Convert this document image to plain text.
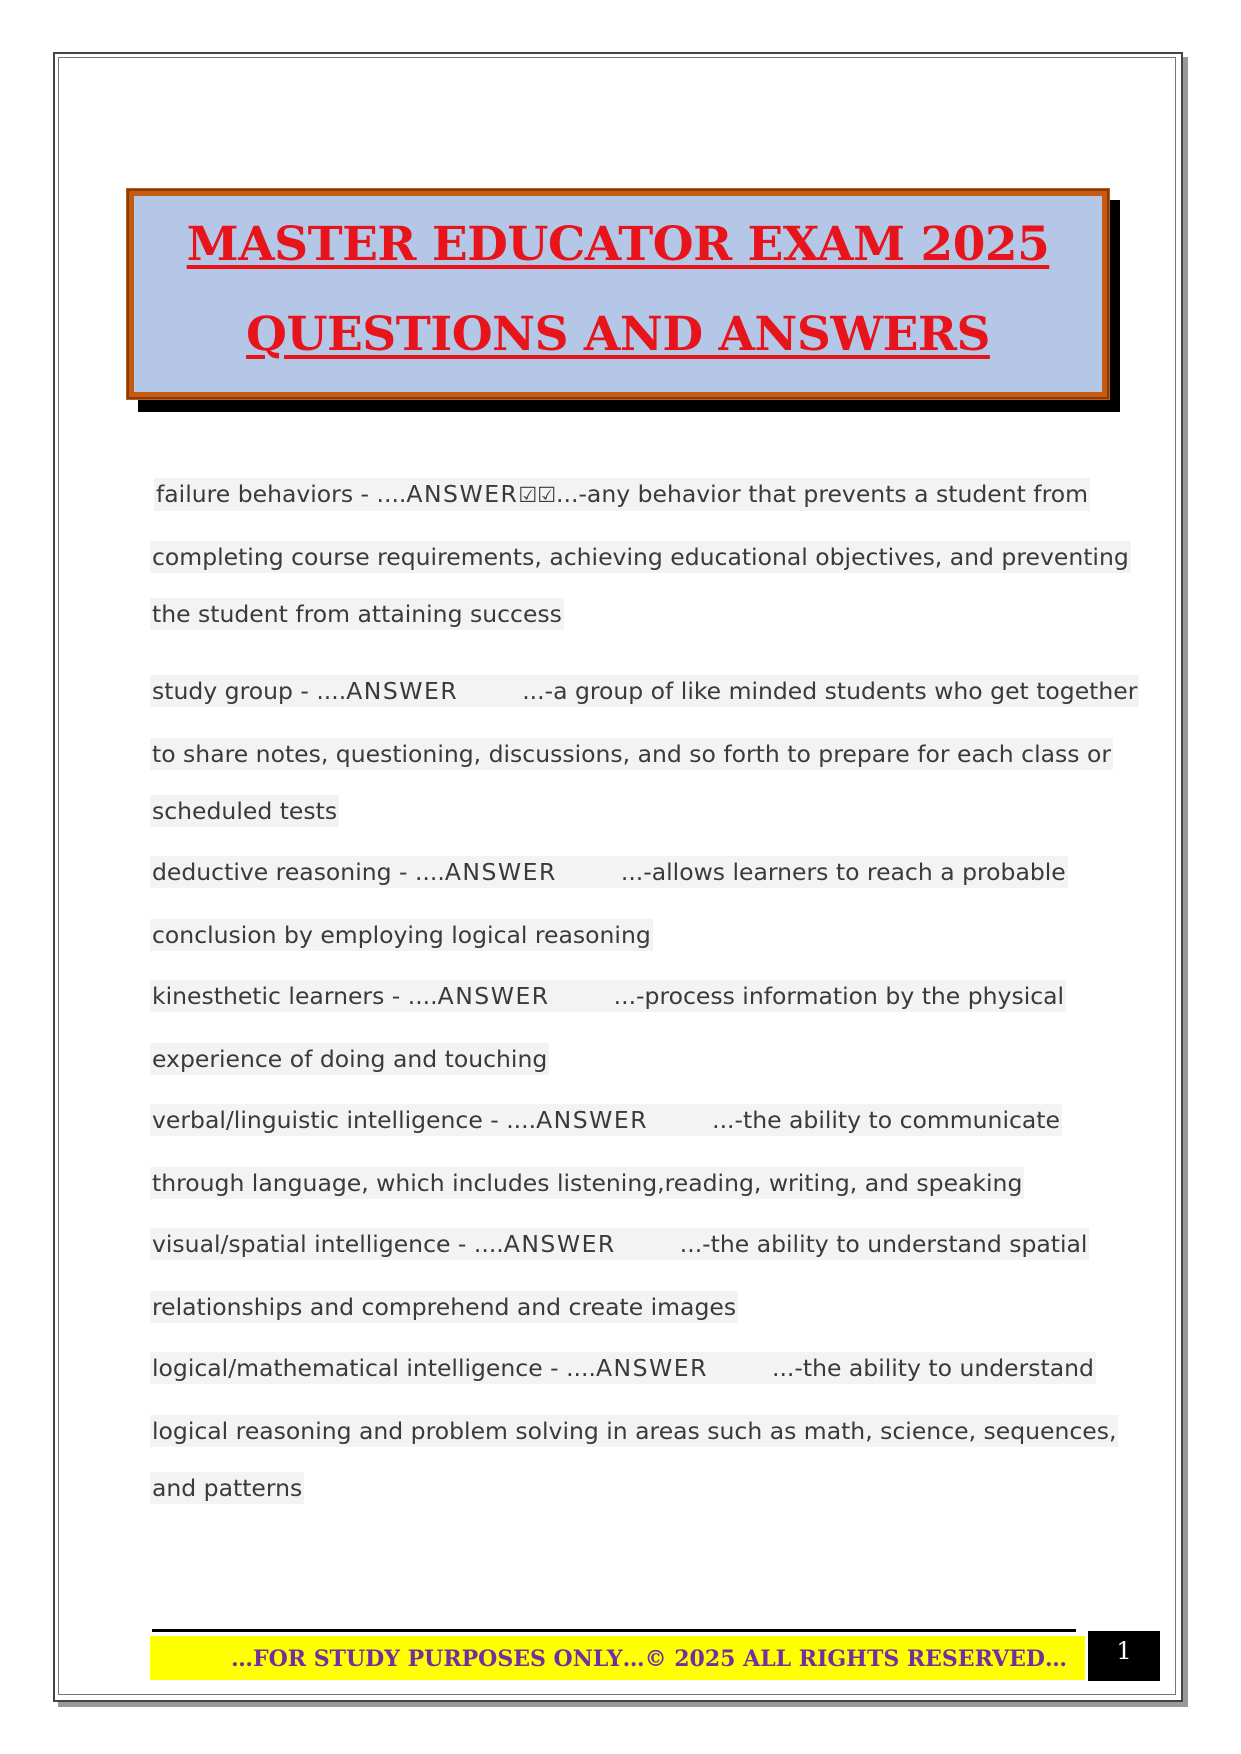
MASTER EDUCATOR EXAM 2025
QUESTIONS AND ANSWERS
failure behaviors - ....ANSWER☑☑...-any behavior that prevents a student from
completing course requirements, achieving educational objectives, and preventing
the student from attaining success
study group - ....ANSWER	...-a group of like minded students who get together
to share notes, questioning, discussions, and so forth to prepare for each class or
scheduled tests
deductive reasoning - ....ANSWER	...-allows learners to reach a probable
conclusion by employing logical reasoning
kinesthetic learners - ....ANSWER	...-process information by the physical
experience of doing and touching
verbal/linguistic intelligence - ....ANSWER	...-the ability to communicate
through language, which includes listening,reading, writing, and speaking
visual/spatial intelligence - ....ANSWER	...-the ability to understand spatial
relationships and comprehend and create images
logical/mathematical intelligence - ....ANSWER	...-the ability to understand
logical reasoning and problem solving in areas such as math, science, sequences,
and patterns
…FOR STUDY PURPOSES ONLY…© 2025 ALL RIGHTS RESERVED…	1
